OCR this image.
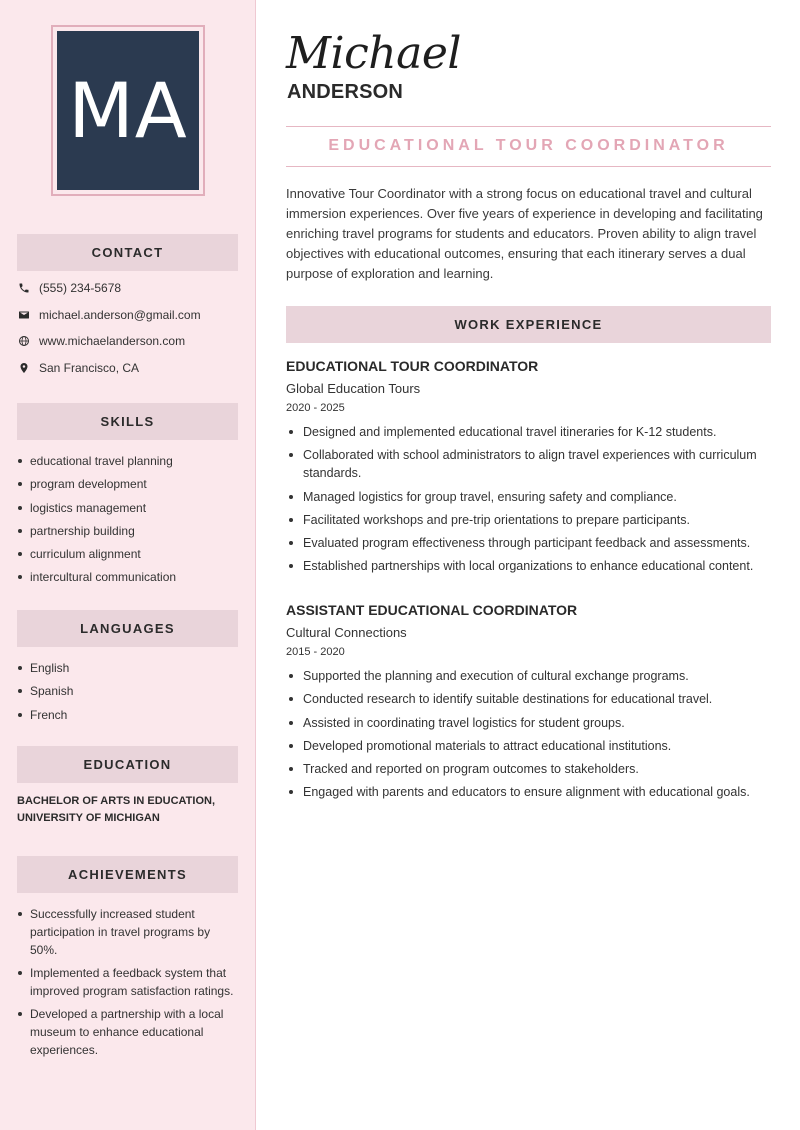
MA
CONTACT
(555) 234-5678
michael.anderson@gmail.com
www.michaelanderson.com
San Francisco, CA
SKILLS
educational travel planning
program development
logistics management
partnership building
curriculum alignment
intercultural communication
LANGUAGES
English
Spanish
French
EDUCATION
BACHELOR OF ARTS IN EDUCATION, UNIVERSITY OF MICHIGAN
ACHIEVEMENTS
Successfully increased student participation in travel programs by 50%.
Implemented a feedback system that improved program satisfaction ratings.
Developed a partnership with a local museum to enhance educational experiences.
Michael
ANDERSON
EDUCATIONAL TOUR COORDINATOR
Innovative Tour Coordinator with a strong focus on educational travel and cultural immersion experiences. Over five years of experience in developing and facilitating enriching travel programs for students and educators. Proven ability to align travel objectives with educational outcomes, ensuring that each itinerary serves a dual purpose of exploration and learning.
WORK EXPERIENCE
EDUCATIONAL TOUR COORDINATOR
Global Education Tours
2020 - 2025
Designed and implemented educational travel itineraries for K-12 students.
Collaborated with school administrators to align travel experiences with curriculum standards.
Managed logistics for group travel, ensuring safety and compliance.
Facilitated workshops and pre-trip orientations to prepare participants.
Evaluated program effectiveness through participant feedback and assessments.
Established partnerships with local organizations to enhance educational content.
ASSISTANT EDUCATIONAL COORDINATOR
Cultural Connections
2015 - 2020
Supported the planning and execution of cultural exchange programs.
Conducted research to identify suitable destinations for educational travel.
Assisted in coordinating travel logistics for student groups.
Developed promotional materials to attract educational institutions.
Tracked and reported on program outcomes to stakeholders.
Engaged with parents and educators to ensure alignment with educational goals.
